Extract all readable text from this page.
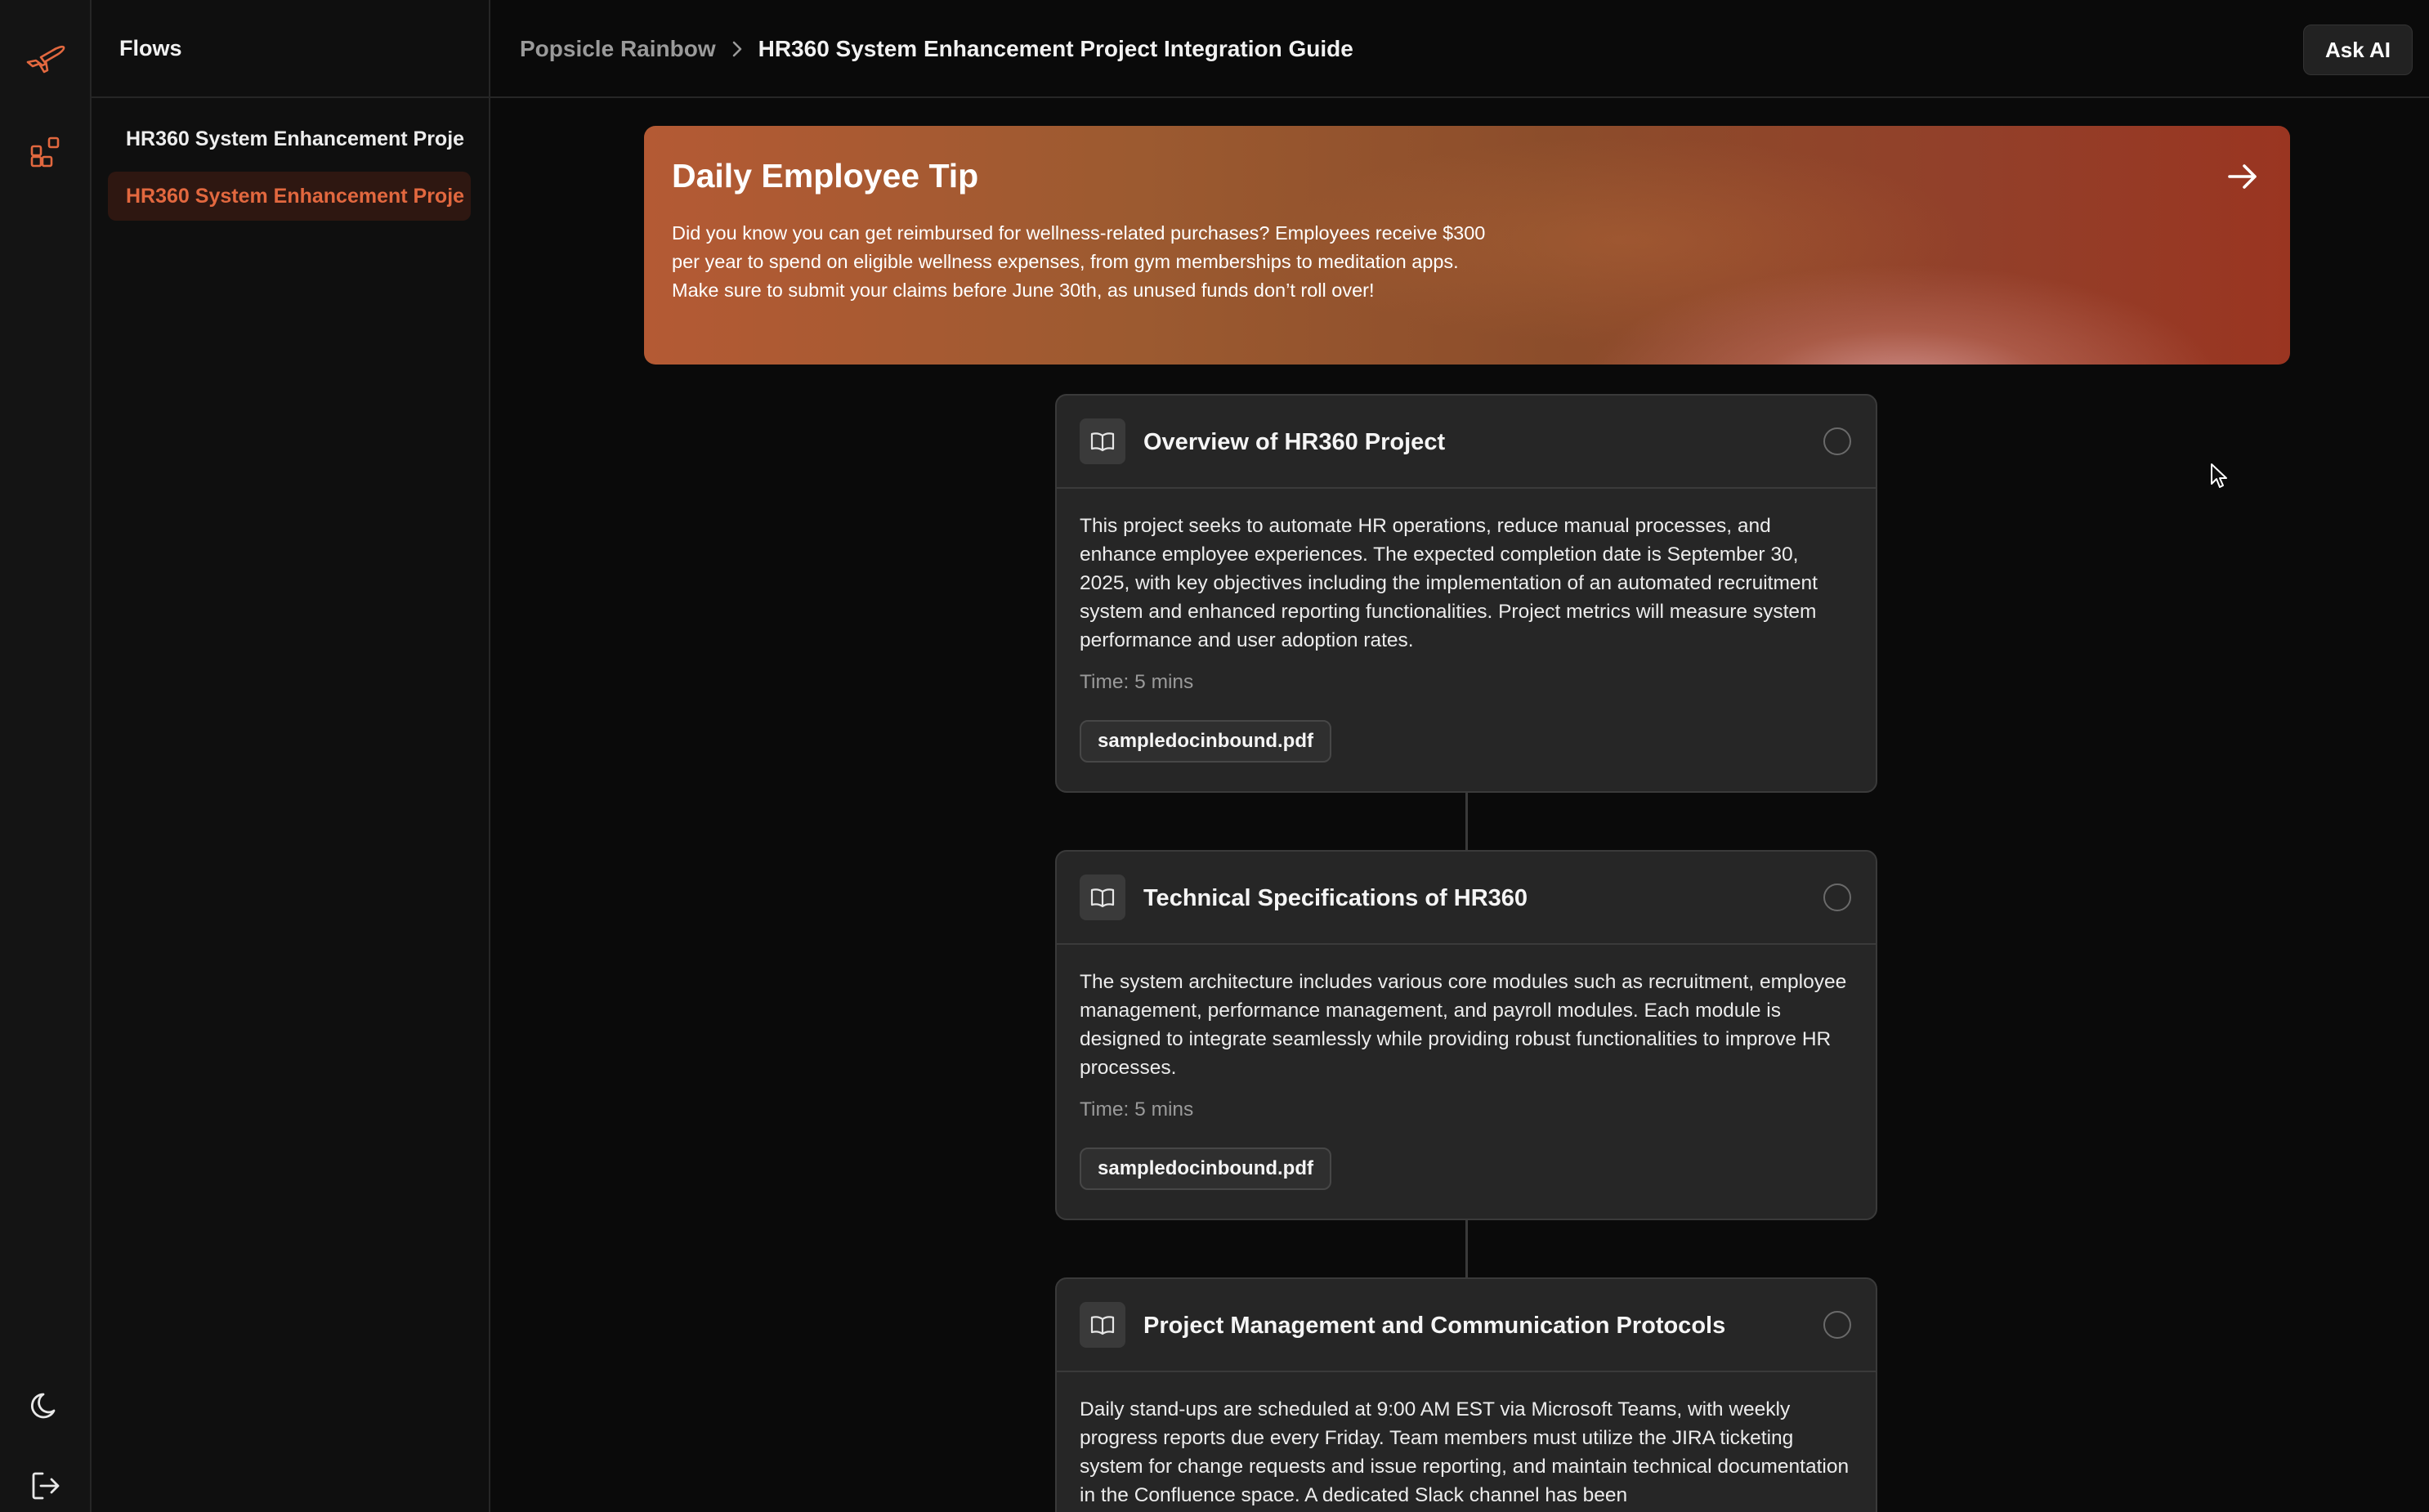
Flows
HR360 System Enhancement Proje
HR360 System Enhancement Proje
Popsicle Rainbow HR360 System Enhancement Project Integration Guide	Ask AI
Daily Employee Tip
Did you know you can get reimbursed for wellness-related purchases? Employees receive $300 per year to spend on eligible wellness expenses, from gym memberships to meditation apps. Make sure to submit your claims before June 30th, as unused funds don’t roll over!
Overview of HR360 Project
This project seeks to automate HR operations, reduce manual processes, and enhance employee experiences. The expected completion date is September 30, 2025, with key objectives including the implementation of an automated recruitment system and enhanced reporting functionalities. Project metrics will measure system performance and user adoption rates.
Time: 5 mins
sampledocinbound.pdf
Technical Specifications of HR360
The system architecture includes various core modules such as recruitment, employee management, performance management, and payroll modules. Each module is designed to integrate seamlessly while providing robust functionalities to improve HR processes.
Time: 5 mins
sampledocinbound.pdf
Project Management and Communication Protocols
Daily stand-ups are scheduled at 9:00 AM EST via Microsoft Teams, with weekly progress reports due every Friday. Team members must utilize the JIRA ticketing system for change requests and issue reporting, and maintain technical documentation in the Confluence space. A dedicated Slack channel has been
